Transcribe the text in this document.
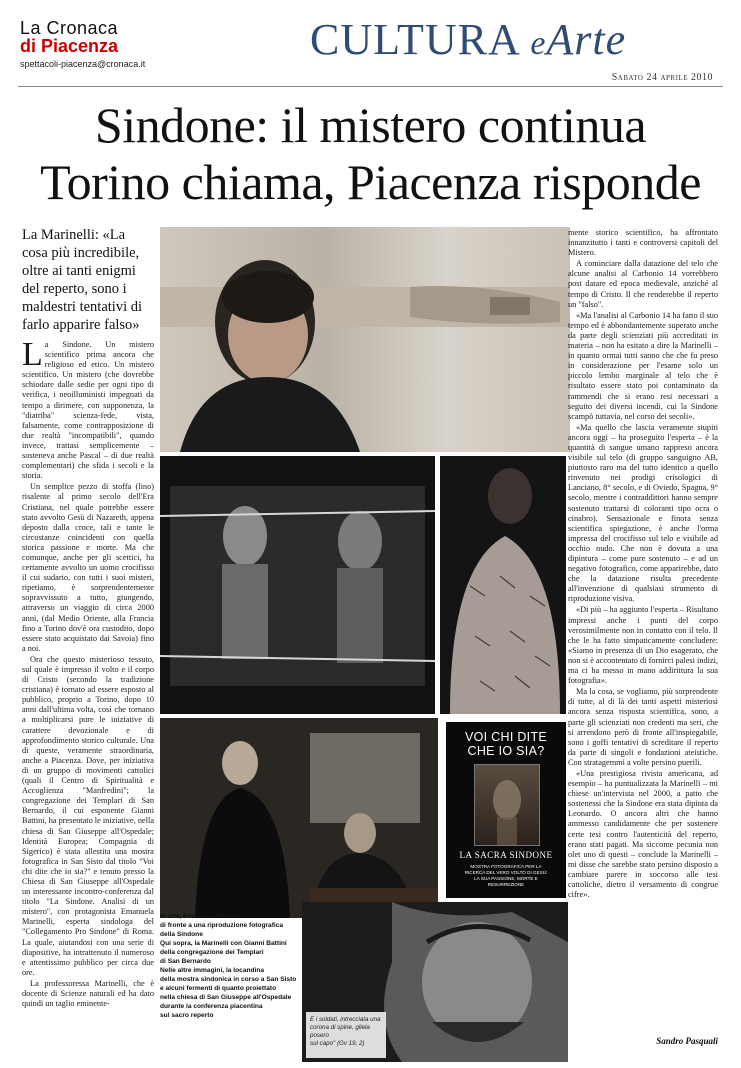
La Cronaca
di Piacenza
spettacoli-piacenza@cronaca.it	CULTURA eArte
Sabato 24 aprile 2010
Sindone: il mistero continua
Torino chiama, Piacenza risponde
La Marinelli: «La cosa più incredibile, oltre ai tanti enigmi del reperto, sono i maldestri tentativi di farlo apparire falso»

La Sindone. Un mistero scientifico prima ancora che religioso ed etico. Un mistero scientifico. Un mistero (che dovrebbe schiodare dalle sedie per ogni tipo di verifica, i neoilluministi impegnati da tempo a dirimere, con supponenza, la "diatriba" scienza-fede, vista, falsamente, come contrapposizione di due realtà "incompatibili", quando invece, trattasi semplicemente – sosteneva anche Pascal – di due realtà complementari) che sfida i secoli e la storia.

Un semplice pezzo di stoffa (lino) risalente al primo secolo dell'Era Cristiana, nel quale potrebbe essere stato avvolto Gesù di Nazareth, appena deposto dalla croce, tali e tante le circostanze coincidenti con quella storica passione e morte. Ma che comunque, anche per gli scettici, ha certamente avvolto un uomo crocifisso il cui sudario, con tutti i suoi misteri, ripetiamo, è sorprendentemente sopravvissuto a tutto, giungendo, attraverso un viaggio di circa 2000 anni, (dal Medio Oriente, alla Francia fino a Torino dov'è ora custodito, dopo essere stato acquistato dai Savoia) fino a noi.

Ora che questo misterioso tessuto, sul quale è impresso il volto e il corpo di Cristo (secondo la tradizione cristiana) è tornato ad essere esposto al pubblico, proprio a Torino, dopo 10 anni dall'ultima volta, così che tornano a moltiplicarsi pure le iniziative di carattere devozionale e di approfondimento storico culturale. Una di queste, veramente straordinaria, anche a Piacenza. Dove, per iniziativa di un gruppo di movimenti cattolici (quali il Centro di Spiritualità e Accoglienza "Manfredini"; la congregazione dei Templari di San Bernardo, il cui esponente Gianni Battini, ha presentato le iniziative, nella chiesa di San Giuseppe all'Ospedale; Identità Europea; Compagnia di Sigerico) è stata allestita una mostra fotografica in San Sisto dal titolo "Voi chi dite che io sia?" e tenuto presso la Chiesa di San Giuseppe all'Ospedale un interessante incontro-conferenza dal titolo "La Sindone. Analisi di un mistero", con protagonista Emanuela Marinelli, esperta sindologa del "Collegamento Pro Sindone" di Roma. La quale, aiutandosi con una serie di diapositive, ha intrattenuto il numeroso e attentissimo pubblico per circa due ore.

La professoressa Marinelli, che è docente di Scienze naturali ed ha dato quindi un taglio eminente-

VOI CHI DITE
CHE IO SIA?
LA SACRA SINDONE
MOSTRA FOTOGRAFICA PER LA
RICERCA DEL VERO VOLTO DI GESÙ:
LA SUA PASSIONE, MORTE E
RESURREZIONE
E i soldati, intrecciata una
corona di spine, gliela posero
sul capo" (Gv 19, 2)
In alto, Emanuela Marinelli
di fronte a una riproduzione fotografica
della Sindone
Qui sopra, la Marinelli con Gianni Battini
della congregazione dei Templari
di San Bernardo
Nelle altre immagini, la locandina
della mostra sindonica in corso a San Sisto
e alcuni fermenti di quanto proiettato
nella chiesa di San Giuseppe all'Ospedale
durante la conferenza piacentina
sul sacro reperto

mente storico scientifico, ha affrontato innanzitutto i tanti e controversi capitoli del Mistero.

A cominciare dalla datazione del telo che alcune analisi al Carbonio 14 vorrebbero post datare ed epoca medievale, anziché al tempo di Cristo. Il che renderebbe il reperto un "falso".

«Ma l'analisi al Carbonio 14 ha fatto il suo tempo ed è abbondantemente superato anche da parte degli scienziati più accreditati in materia – non ha esitato a dire la Marinelli – in quanto ormai tutti sanno che che fu preso in considerazione per l'esame solo un piccolo lembo marginale al telo che è risultato essere stato poi contaminato da rammendi che si erano resi necessari a seguito dei diversi incendi, cui la Sindone scampò tuttavia, nel corso dei secoli».

«Ma quello che lascia veramente stupiti ancora oggi – ha proseguito l'esperta – è la quantità di sangue umano rappreso ancora visibile sul telo (di gruppo sanguigno AB, piuttosto raro ma del tutto identico a quello rinvenuto nei prodigi crisologici di Lanciano, 8° secolo, e di Oviedo, Spagna, 9° secolo, mentre i contraddittori hanno sempre sostenuto trattarsi di coloranti tipo ocra o cinabro). Sensazionale e finora senza scientifica spiegazione, è anche l'orma impressa del crocifisso sul telo e visibile ad occhio nudo. Che non è dovuta a una dipintura – come pure sostenuto – e ad un negativo fotografico, come apparirebbe, dato che la datazione risulta precedente all'invenzione di qualsiasi strumento di riproduzione visiva.

«Di più – ha aggiunto l'esperta – Risultano impressi anche i punti del corpo verosimilmente non in contatto con il telo. Il che le ha fatto simpaticamente concludere: «Siamo in presenza di un Dio esagerato, che non si è accontentato di fornirci palesi indizi, ma ci ha messo in mano addirittura la sua fotografia».

Ma la cosa, se vogliamo, più sorprendente di tutte, al di là dei tanti aspetti misteriosi ancora senza risposta scientifica, sono, a parte gli scienziati non credenti ma seri, che si arrendono però di fronte all'inspiegabile, sono i goffi tentativi di screditare il reperto da parte di singoli e fondazioni ateistiche. Con stratagemmi a volte persino puerili.

«Una prestigiosa rivista americana, ad esempio – ha puntualizzata la Marinelli – mi chiese un'intervista nel 2000, a patto che sostenessi che la Sindone era stata dipinta da Leonardo. O ancora altri che hanno ammesso candidamente che per sostenere certe tesi contro l'autenticità del reperto, erano stati pagati. Ma siccome pecunia non olet uno di questi – conclude la Marinelli – mi disse che sarebbe stato persino disposto a cambiare parere in soccorso alle tesi cattoliche, dietro il versamento di congrue cifre».

Sandro Pasquali
